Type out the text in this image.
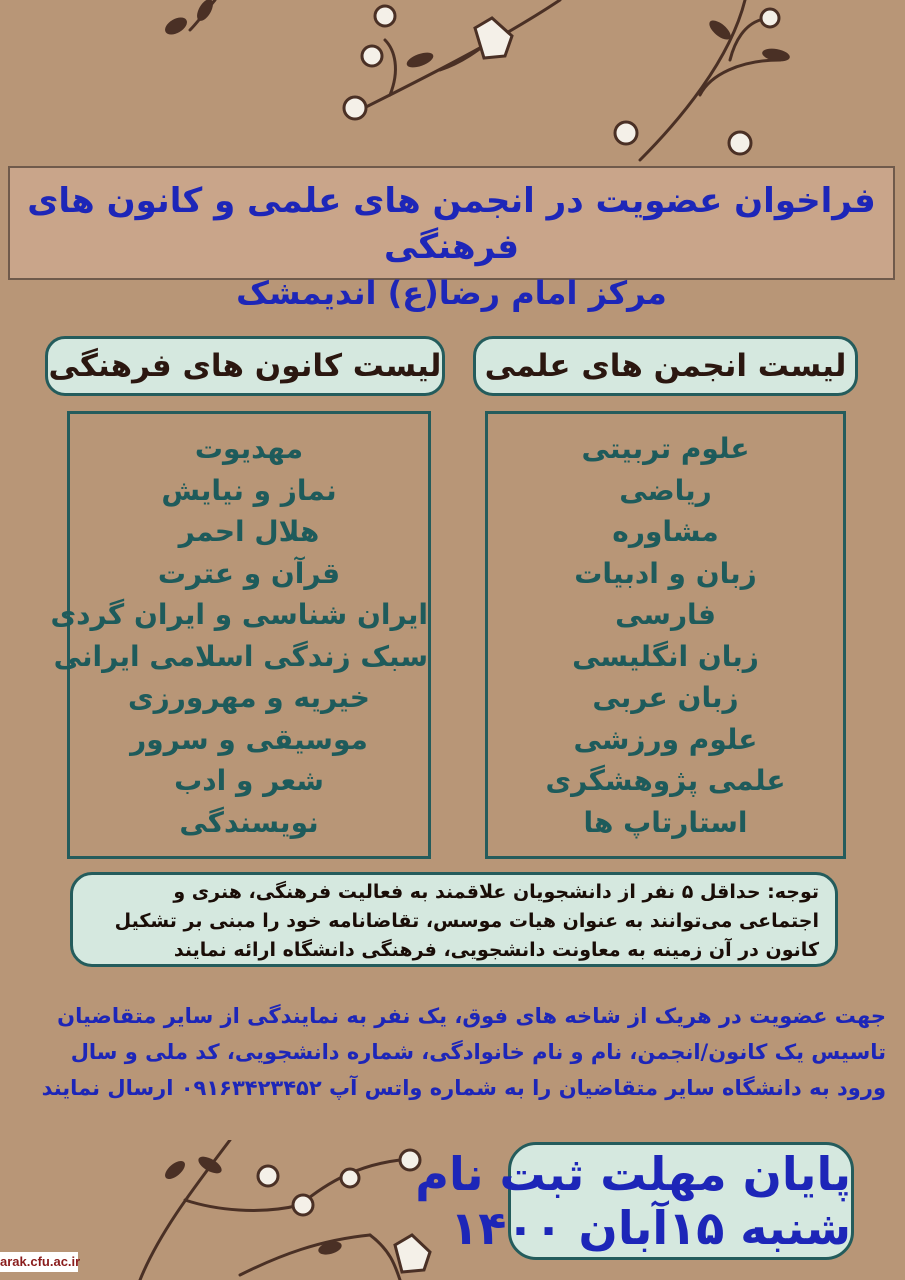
فراخوان عضویت در انجمن های علمی و کانون های فرهنگی
مرکز امام رضا(ع) اندیمشک
لیست انجمن های علمی
علوم تربیتی
ریاضی
مشاوره
زبان و ادبیات
فارسی
زبان انگلیسی
زبان عربی
علوم ورزشی
علمی پژوهشگری
استارتاپ ها
لیست کانون های فرهنگی
مهدیوت
نماز و نیایش
هلال احمر
قرآن و عترت
ایران شناسی و ایران گردی
سبک زندگی اسلامی ایرانی
خیریه و مهرورزی
موسیقی و سرور
شعر و ادب
نویسندگی
توجه: حداقل ۵ نفر از دانشجویان علاقمند به فعالیت فرهنگی، هنری و اجتماعی می‌توانند به عنوان هیات موسس، تقاضانامه خود را مبنی بر تشکیل کانون در آن زمینه به معاونت دانشجویی، فرهنگی دانشگاه ارائه نمایند
جهت عضویت در هریک از شاخه های فوق، یک نفر به نمایندگی از سایر متقاضیان تاسیس یک کانون/انجمن، نام و نام خانوادگی، شماره دانشجویی، کد ملی و سال ورود به دانشگاه سایر متقاضیان را به شماره واتس آپ ۰۹۱۶۳۴۲۳۴۵۲ ارسال نمایند
پایان مهلت ثبت نام
شنبه ۱۵آبان ۱۴۰۰
arak.cfu.ac.ir
